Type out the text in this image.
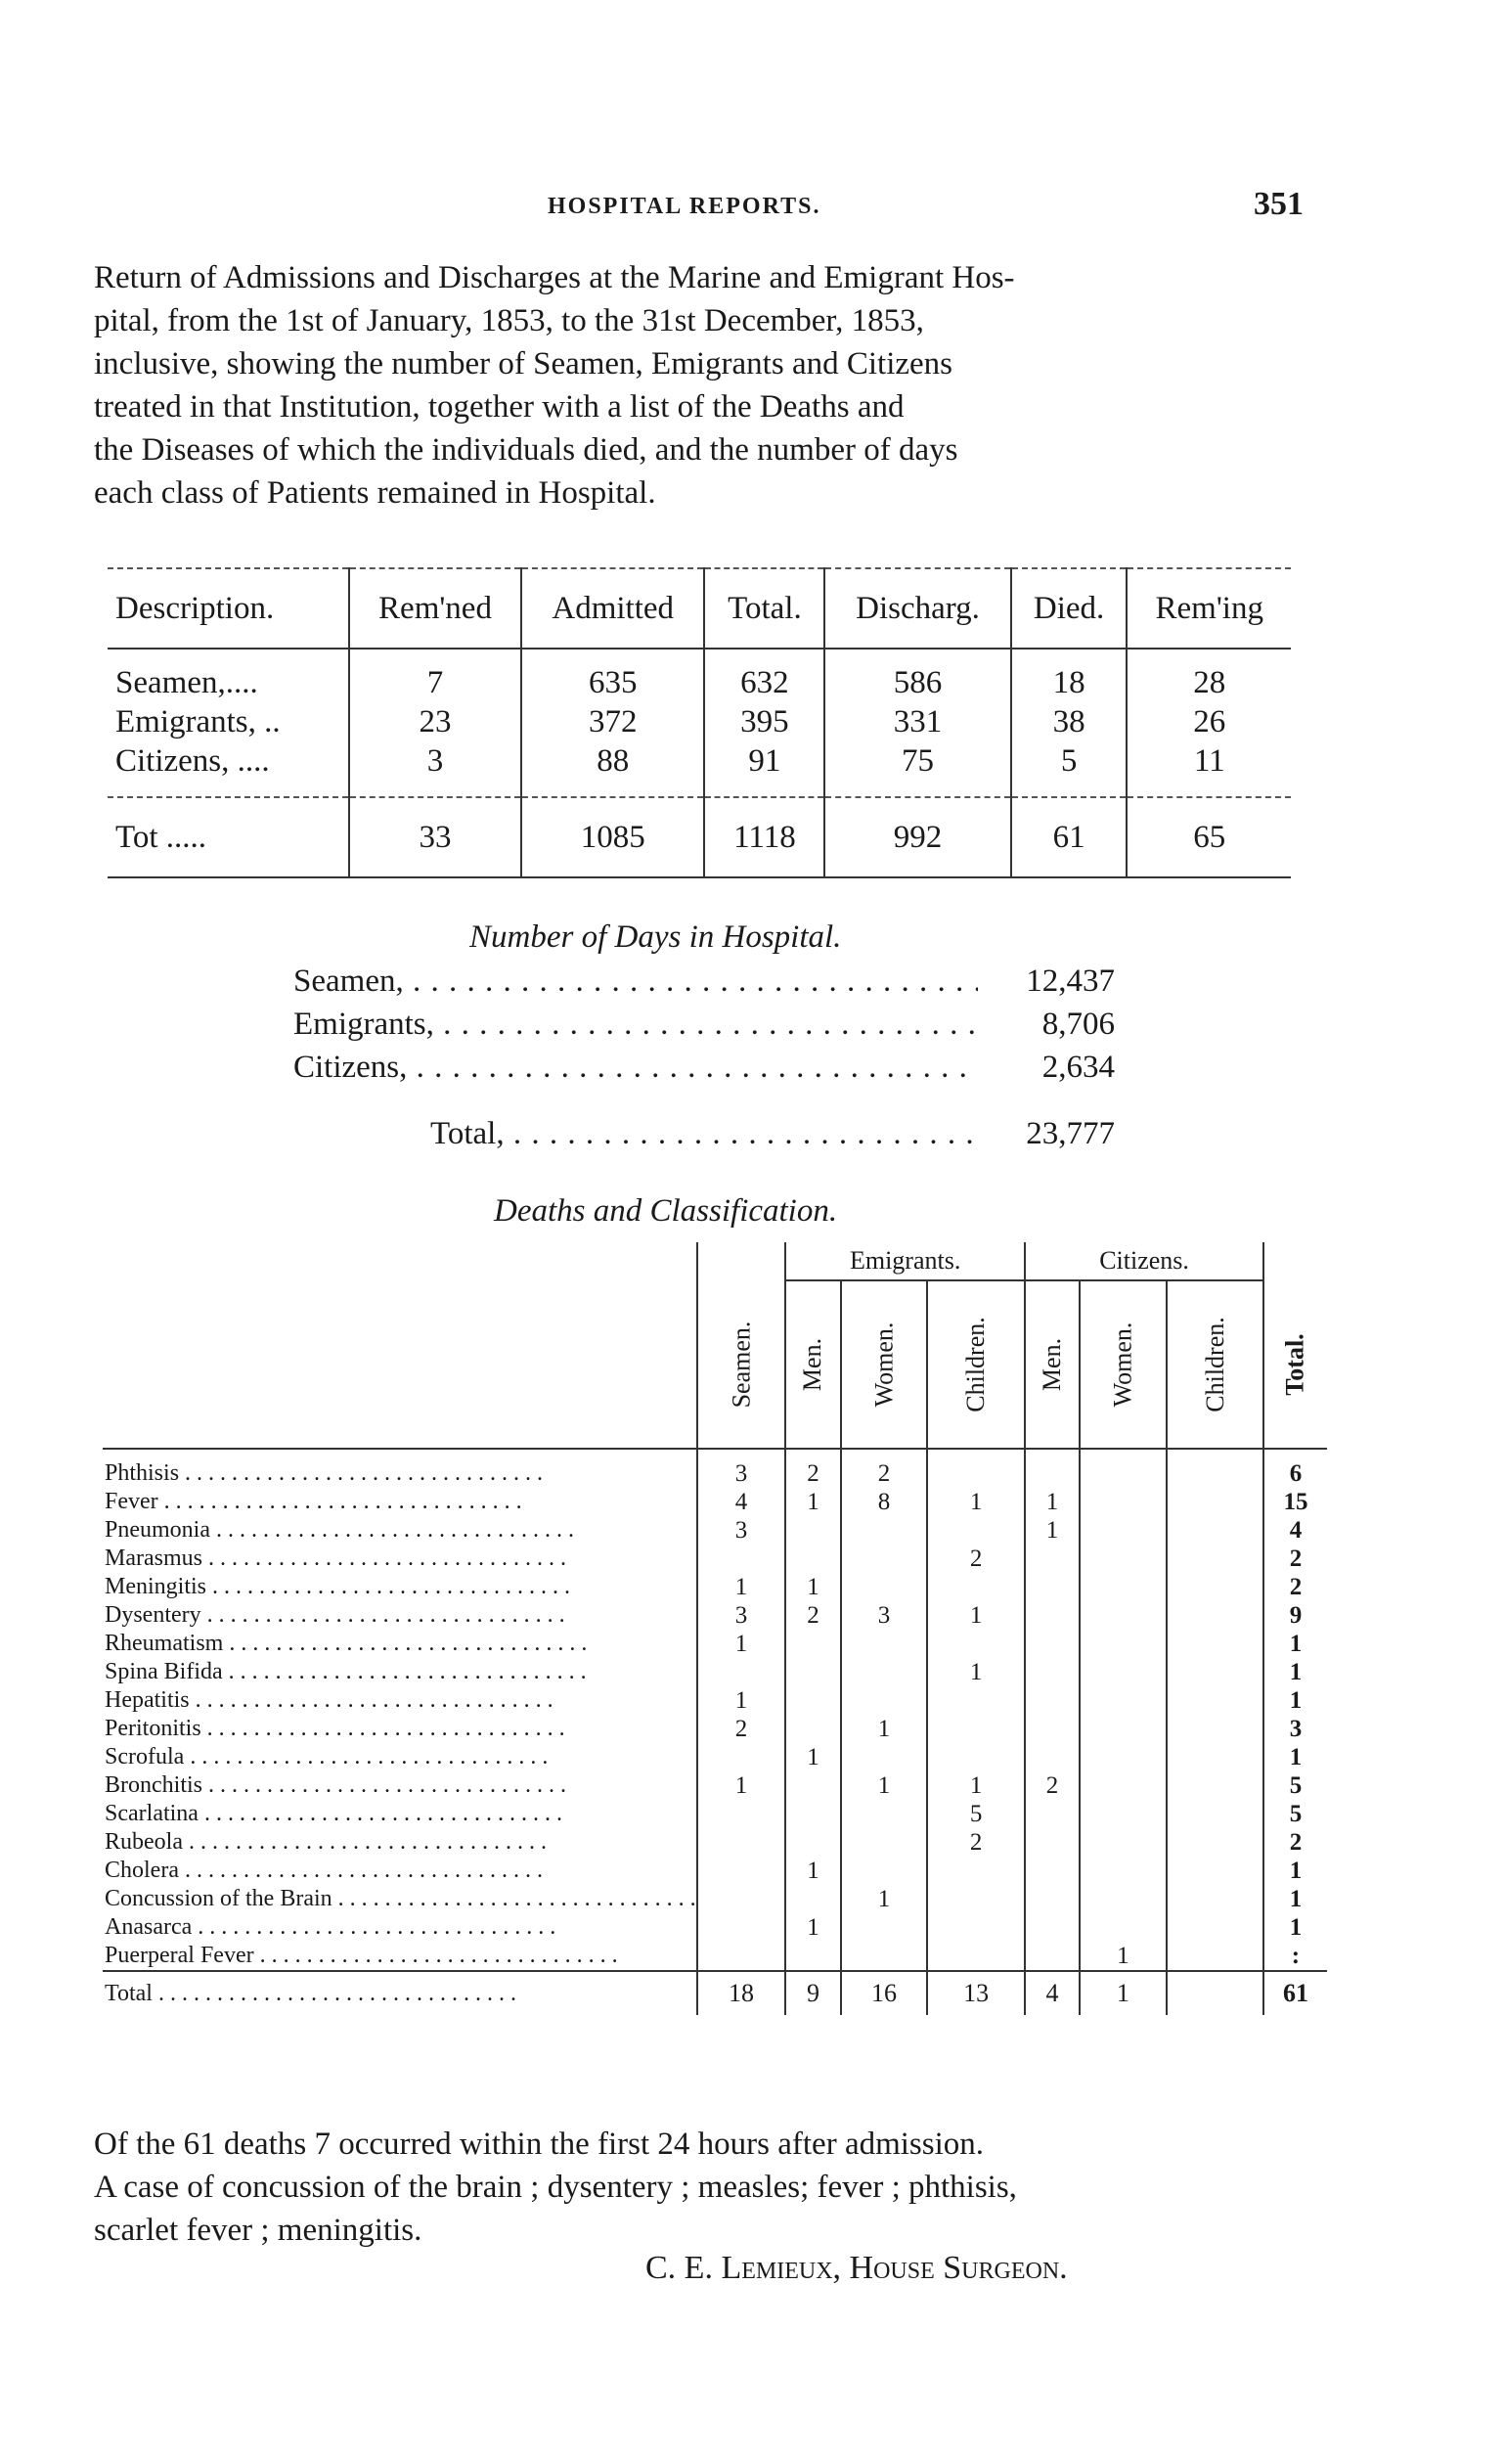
HOSPITAL REPORTS.	351
Return of Admissions and Discharges at the Marine and Emigrant Hos-
pital, from the 1st of January, 1853, to the 31st December, 1853,
inclusive, showing the number of Seamen, Emigrants and Citizens
treated in that Institution, together with a list of the Deaths and
the Diseases of which the individuals died, and the number of days
each class of Patients remained in Hospital.
Description.	Rem'ned	Admitted	Total.	Discharg.	Died.	Rem'ing
Seamen,....	7	635	632	586	18	28
Emigrants, ..	23	372	395	331	38	26
Citizens, ....	3	88	91	75	5	11
Tot .....	33	1085	1118	992	61	65
Number of Days in Hospital.
Seamen, . . .	12,437
Emigrants, . . .	8,706
Citizens, . . .	2,634
Total, . . .	23,777
Deaths and Classification.
		Emigrants.			Citizens.			
	Seamen.	Men.	Women.	Children.	Men.	Women.	Children.	Total.
Phthisis . . .	3	2	2					6
Fever . . .	4	1	8	1	1			15
Pneumonia . . .	3				1			4
Marasmus . . .				2				2
Meningitis . . .	1	1						2
Dysentery . . .	3	2	3	1				9
Rheumatism . . .	1							1
Spina Bifida . . .				1				1
Hepatitis . . .	1							1
Peritonitis . . .	2		1					3
Scrofula . . .		1						1
Bronchitis . . .	1		1	1	2			5
Scarlatina . . .				5				5
Rubeola . . .				2				2
Cholera . . .		1						1
Concussion of the Brain . . .			1					1
Anasarca . . .		1						1
Puerperal Fever . . .						1		:
Total . . .	18	9	16	13	4	1		61
Of the 61 deaths 7 occurred within the first 24 hours after admission.
A case of concussion of the brain ; dysentery ; measles; fever ; phthisis,
scarlet fever ; meningitis.
C. E. Lemieux, House Surgeon.
